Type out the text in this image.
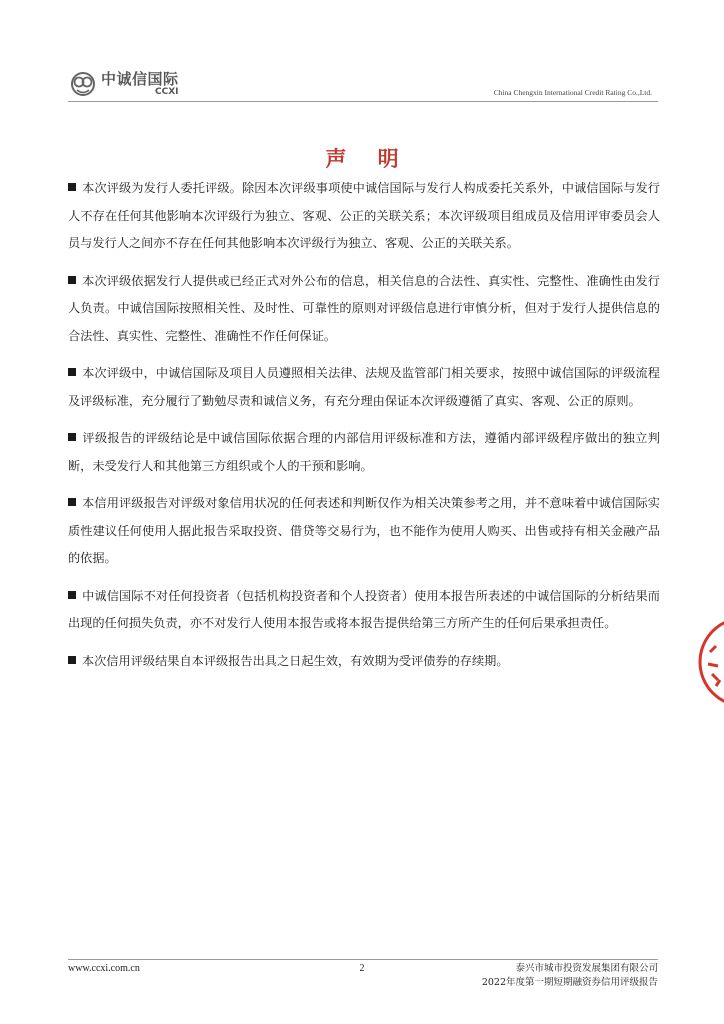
中诚信国际
CCXI	China Chengxin International Credit Rating Co.,Ltd.
声 明

本次评级为发行人委托评级。除因本次评级事项使中诚信国际与发行人构成委托关系外，中诚信国际与发行人不存在任何其他影响本次评级行为独立、客观、公正的关联关系；本次评级项目组成员及信用评审委员会人员与发行人之间亦不存在任何其他影响本次评级行为独立、客观、公正的关联关系。

本次评级依据发行人提供或已经正式对外公布的信息，相关信息的合法性、真实性、完整性、准确性由发行人负责。中诚信国际按照相关性、及时性、可靠性的原则对评级信息进行审慎分析，但对于发行人提供信息的合法性、真实性、完整性、准确性不作任何保证。

本次评级中，中诚信国际及项目人员遵照相关法律、法规及监管部门相关要求，按照中诚信国际的评级流程及评级标准，充分履行了勤勉尽责和诚信义务，有充分理由保证本次评级遵循了真实、客观、公正的原则。

评级报告的评级结论是中诚信国际依据合理的内部信用评级标准和方法，遵循内部评级程序做出的独立判断，未受发行人和其他第三方组织或个人的干预和影响。

本信用评级报告对评级对象信用状况的任何表述和判断仅作为相关决策参考之用，并不意味着中诚信国际实质性建议任何使用人据此报告采取投资、借贷等交易行为，也不能作为使用人购买、出售或持有相关金融产品的依据。

中诚信国际不对任何投资者（包括机构投资者和个人投资者）使用本报告所表述的中诚信国际的分析结果而出现的任何损失负责，亦不对发行人使用本报告或将本报告提供给第三方所产生的任何后果承担责任。

本次信用评级结果自本评级报告出具之日起生效，有效期为受评债券的存续期。

www.ccxi.com.cn	2	泰兴市城市投资发展集团有限公司
2022年度第一期短期融资券信用评级报告
